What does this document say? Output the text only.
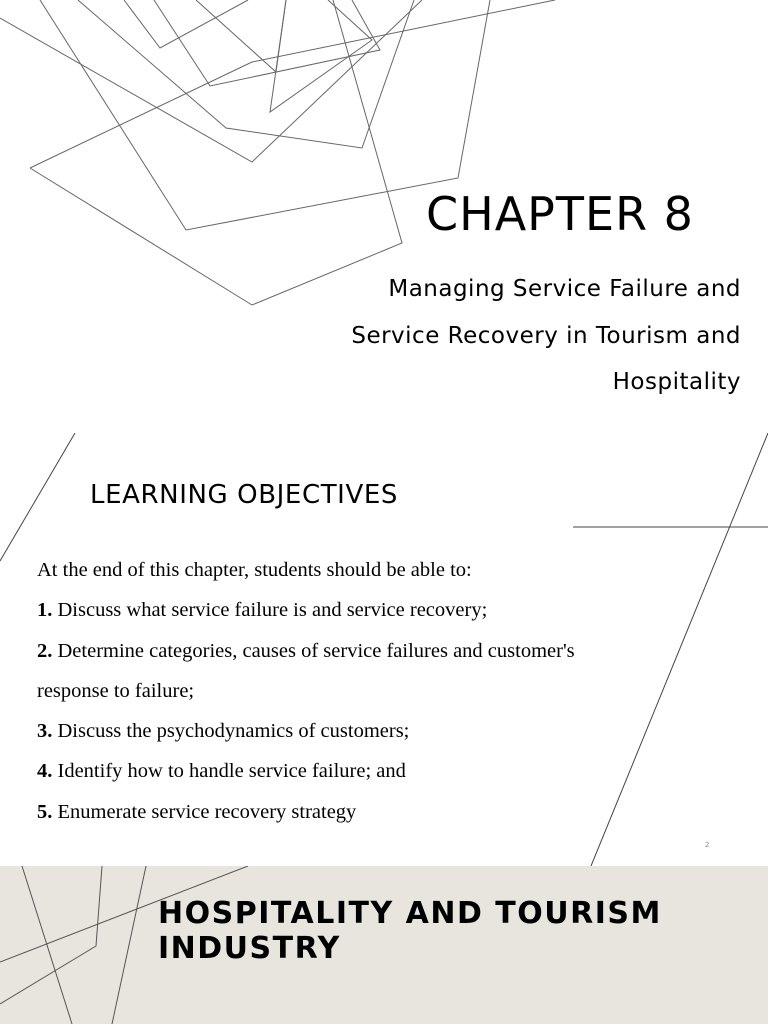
CHAPTER 8
Managing Service Failure and
Service Recovery in Tourism and
Hospitality
LEARNING OBJECTIVES

At the end of this chapter, students should be able to:

1. Discuss what service failure is and service recovery;

2. Determine categories, causes of service failures and customer's response to failure;

3. Discuss the psychodynamics of customers;

4. Identify how to handle service failure; and

5. Enumerate service recovery strategy

2
HOSPITALITY AND TOURISM INDUSTRY
